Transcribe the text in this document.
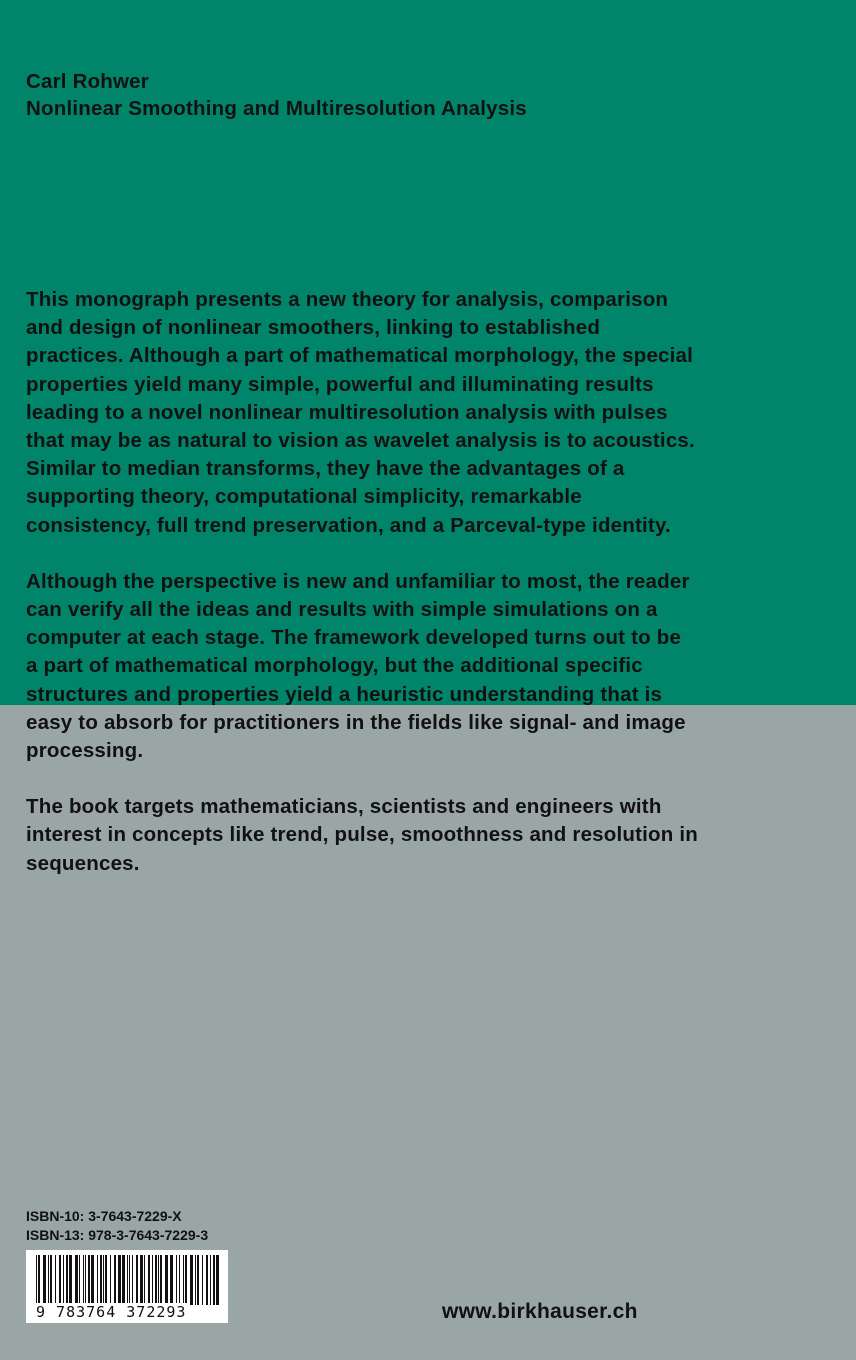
Carl Rohwer
Nonlinear Smoothing and Multiresolution Analysis

This monograph presents a new theory for analysis, comparison
and design of nonlinear smoothers, linking to established
practices. Although a part of mathematical morphology, the special
properties yield many simple, powerful and illuminating results
leading to a novel nonlinear multiresolution analysis with pulses
that may be as natural to vision as wavelet analysis is to acoustics.
Similar to median transforms, they have the advantages of a
supporting theory, computational simplicity, remarkable
consistency, full trend preservation, and a Parceval-type identity.

Although the perspective is new and unfamiliar to most, the reader
can verify all the ideas and results with simple simulations on a
computer at each stage. The framework developed turns out to be
a part of mathematical morphology, but the additional specific
structures and properties yield a heuristic understanding that is
easy to absorb for practitioners in the fields like signal- and image
processing.

The book targets mathematicians, scientists and engineers with
interest in concepts like trend, pulse, smoothness and resolution in
sequences.

ISBN-10: 3-7643-7229-X

ISBN-13: 978-3-7643-7229-3

9 783764 372293	www.birkhauser.ch
